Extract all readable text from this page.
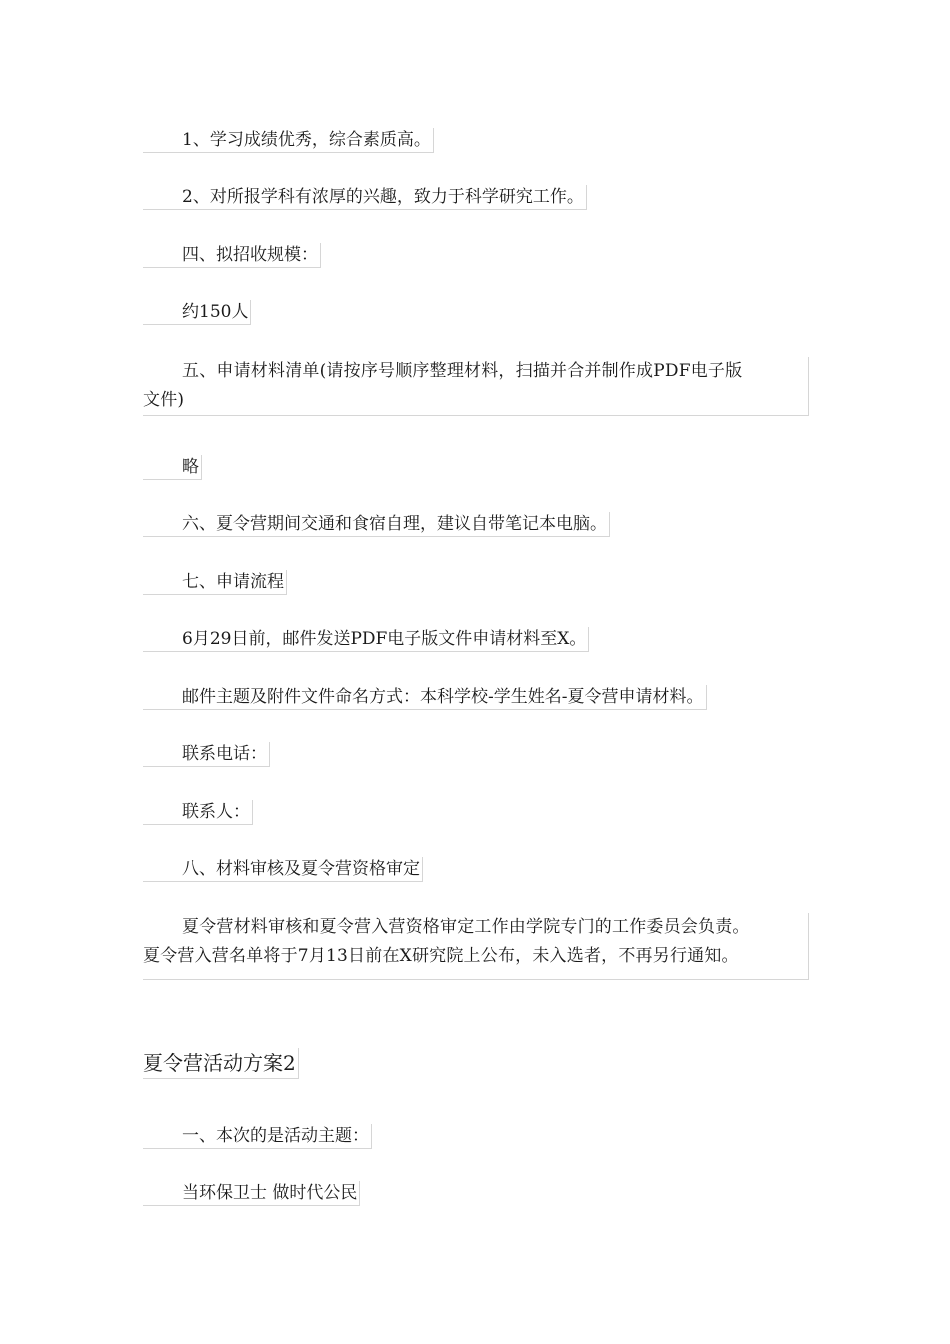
1、学习成绩优秀，综合素质高。
2、对所报学科有浓厚的兴趣，致力于科学研究工作。
四、拟招收规模：
约150人
五、申请材料清单(请按序号顺序整理材料，扫描并合并制作成PDF电子版
文件)
略
六、夏令营期间交通和食宿自理，建议自带笔记本电脑。
七、申请流程
6月29日前，邮件发送PDF电子版文件申请材料至X。
邮件主题及附件文件命名方式：本科学校-学生姓名-夏令营申请材料。
联系电话：
联系人：
八、材料审核及夏令营资格审定
夏令营材料审核和夏令营入营资格审定工作由学院专门的工作委员会负责。
夏令营入营名单将于7月13日前在X研究院上公布，未入选者，不再另行通知。
夏令营活动方案2
一、本次的是活动主题：
当环保卫士 做时代公民
